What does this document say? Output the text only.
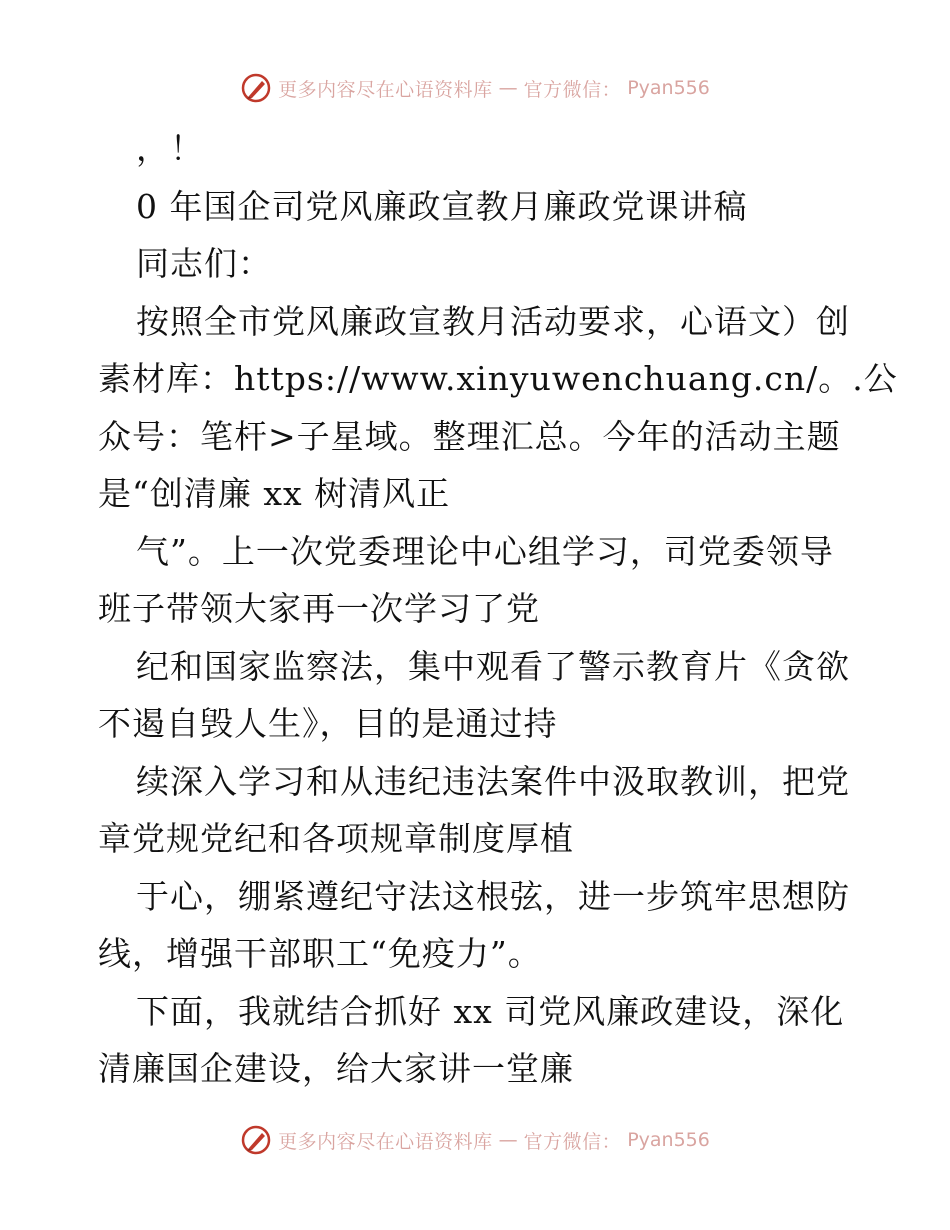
更多内容尽在心语资料库 — 官方微信： Pyan556
，！
0 年国企司党风廉政宣教月廉政党课讲稿
同志们：
按照全市党风廉政宣教月活动要求，心语文）创
素材库：https://www.xinyuwenchuang.cn/。.公
众号：笔杆>子星域。整理汇总。今年的活动主题
是“创清廉 xx 树清风正
气”。上一次党委理论中心组学习，司党委领导
班子带领大家再一次学习了党
纪和国家监察法，集中观看了警示教育片《贪欲
不遏自毁人生》，目的是通过持
续深入学习和从违纪违法案件中汲取教训，把党
章党规党纪和各项规章制度厚植
于心，绷紧遵纪守法这根弦，进一步筑牢思想防
线，增强干部职工“免疫力”。
下面，我就结合抓好 xx 司党风廉政建设，深化
清廉国企建设，给大家讲一堂廉
更多内容尽在心语资料库 — 官方微信： Pyan556
